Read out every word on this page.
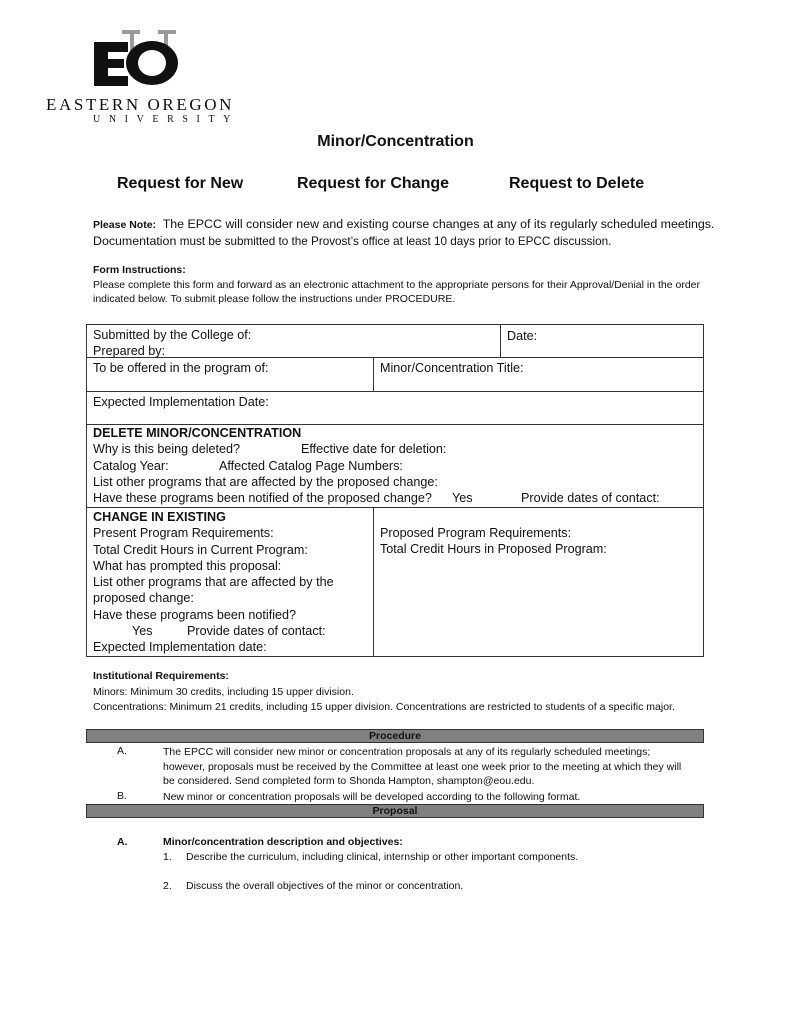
EASTERN OREGON
UNIVERSITY
Minor/Concentration
Request for New	Request for Change	Request to Delete
Please Note: The EPCC will consider new and existing course changes at any of its regularly scheduled meetings.
Documentation must be submitted to the Provost’s office at least 10 days prior to EPCC discussion.
Form Instructions:
Please complete this form and forward as an electronic attachment to the appropriate persons for their Approval/Denial in the order indicated below. To submit please follow the instructions under PROCEDURE.
Submitted by the College of:
Prepared by:
Date:
To be offered in the program of:	Minor/Concentration Title:
Expected Implementation Date:
DELETE MINOR/CONCENTRATION
Why is this being deleted?	Effective date for deletion:
Catalog Year:	Affected Catalog Page Numbers:
List other programs that are affected by the proposed change:
Have these programs been notified of the proposed change? Yes	Provide dates of contact:
CHANGE IN EXISTING
Present Program Requirements:
Total Credit Hours in Current Program:
What has prompted this proposal:
List other programs that are affected by the
proposed change:
Have these programs been notified?
Yes	Provide dates of contact:
Expected Implementation date:
Proposed Program Requirements:
Total Credit Hours in Proposed Program:
Institutional Requirements:
Minors: Minimum 30 credits, including 15 upper division.
Concentrations: Minimum 21 credits, including 15 upper division. Concentrations are restricted to students of a specific major.
Procedure
A.	The EPCC will consider new minor or concentration proposals at any of its regularly scheduled meetings;
however, proposals must be received by the Committee at least one week prior to the meeting at which they will
be considered. Send completed form to Shonda Hampton, shampton@eou.edu.
B.	New minor or concentration proposals will be developed according to the following format.
Proposal
A.	Minor/concentration description and objectives:
1. Describe the curriculum, including clinical, internship or other important components.
2. Discuss the overall objectives of the minor or concentration.
